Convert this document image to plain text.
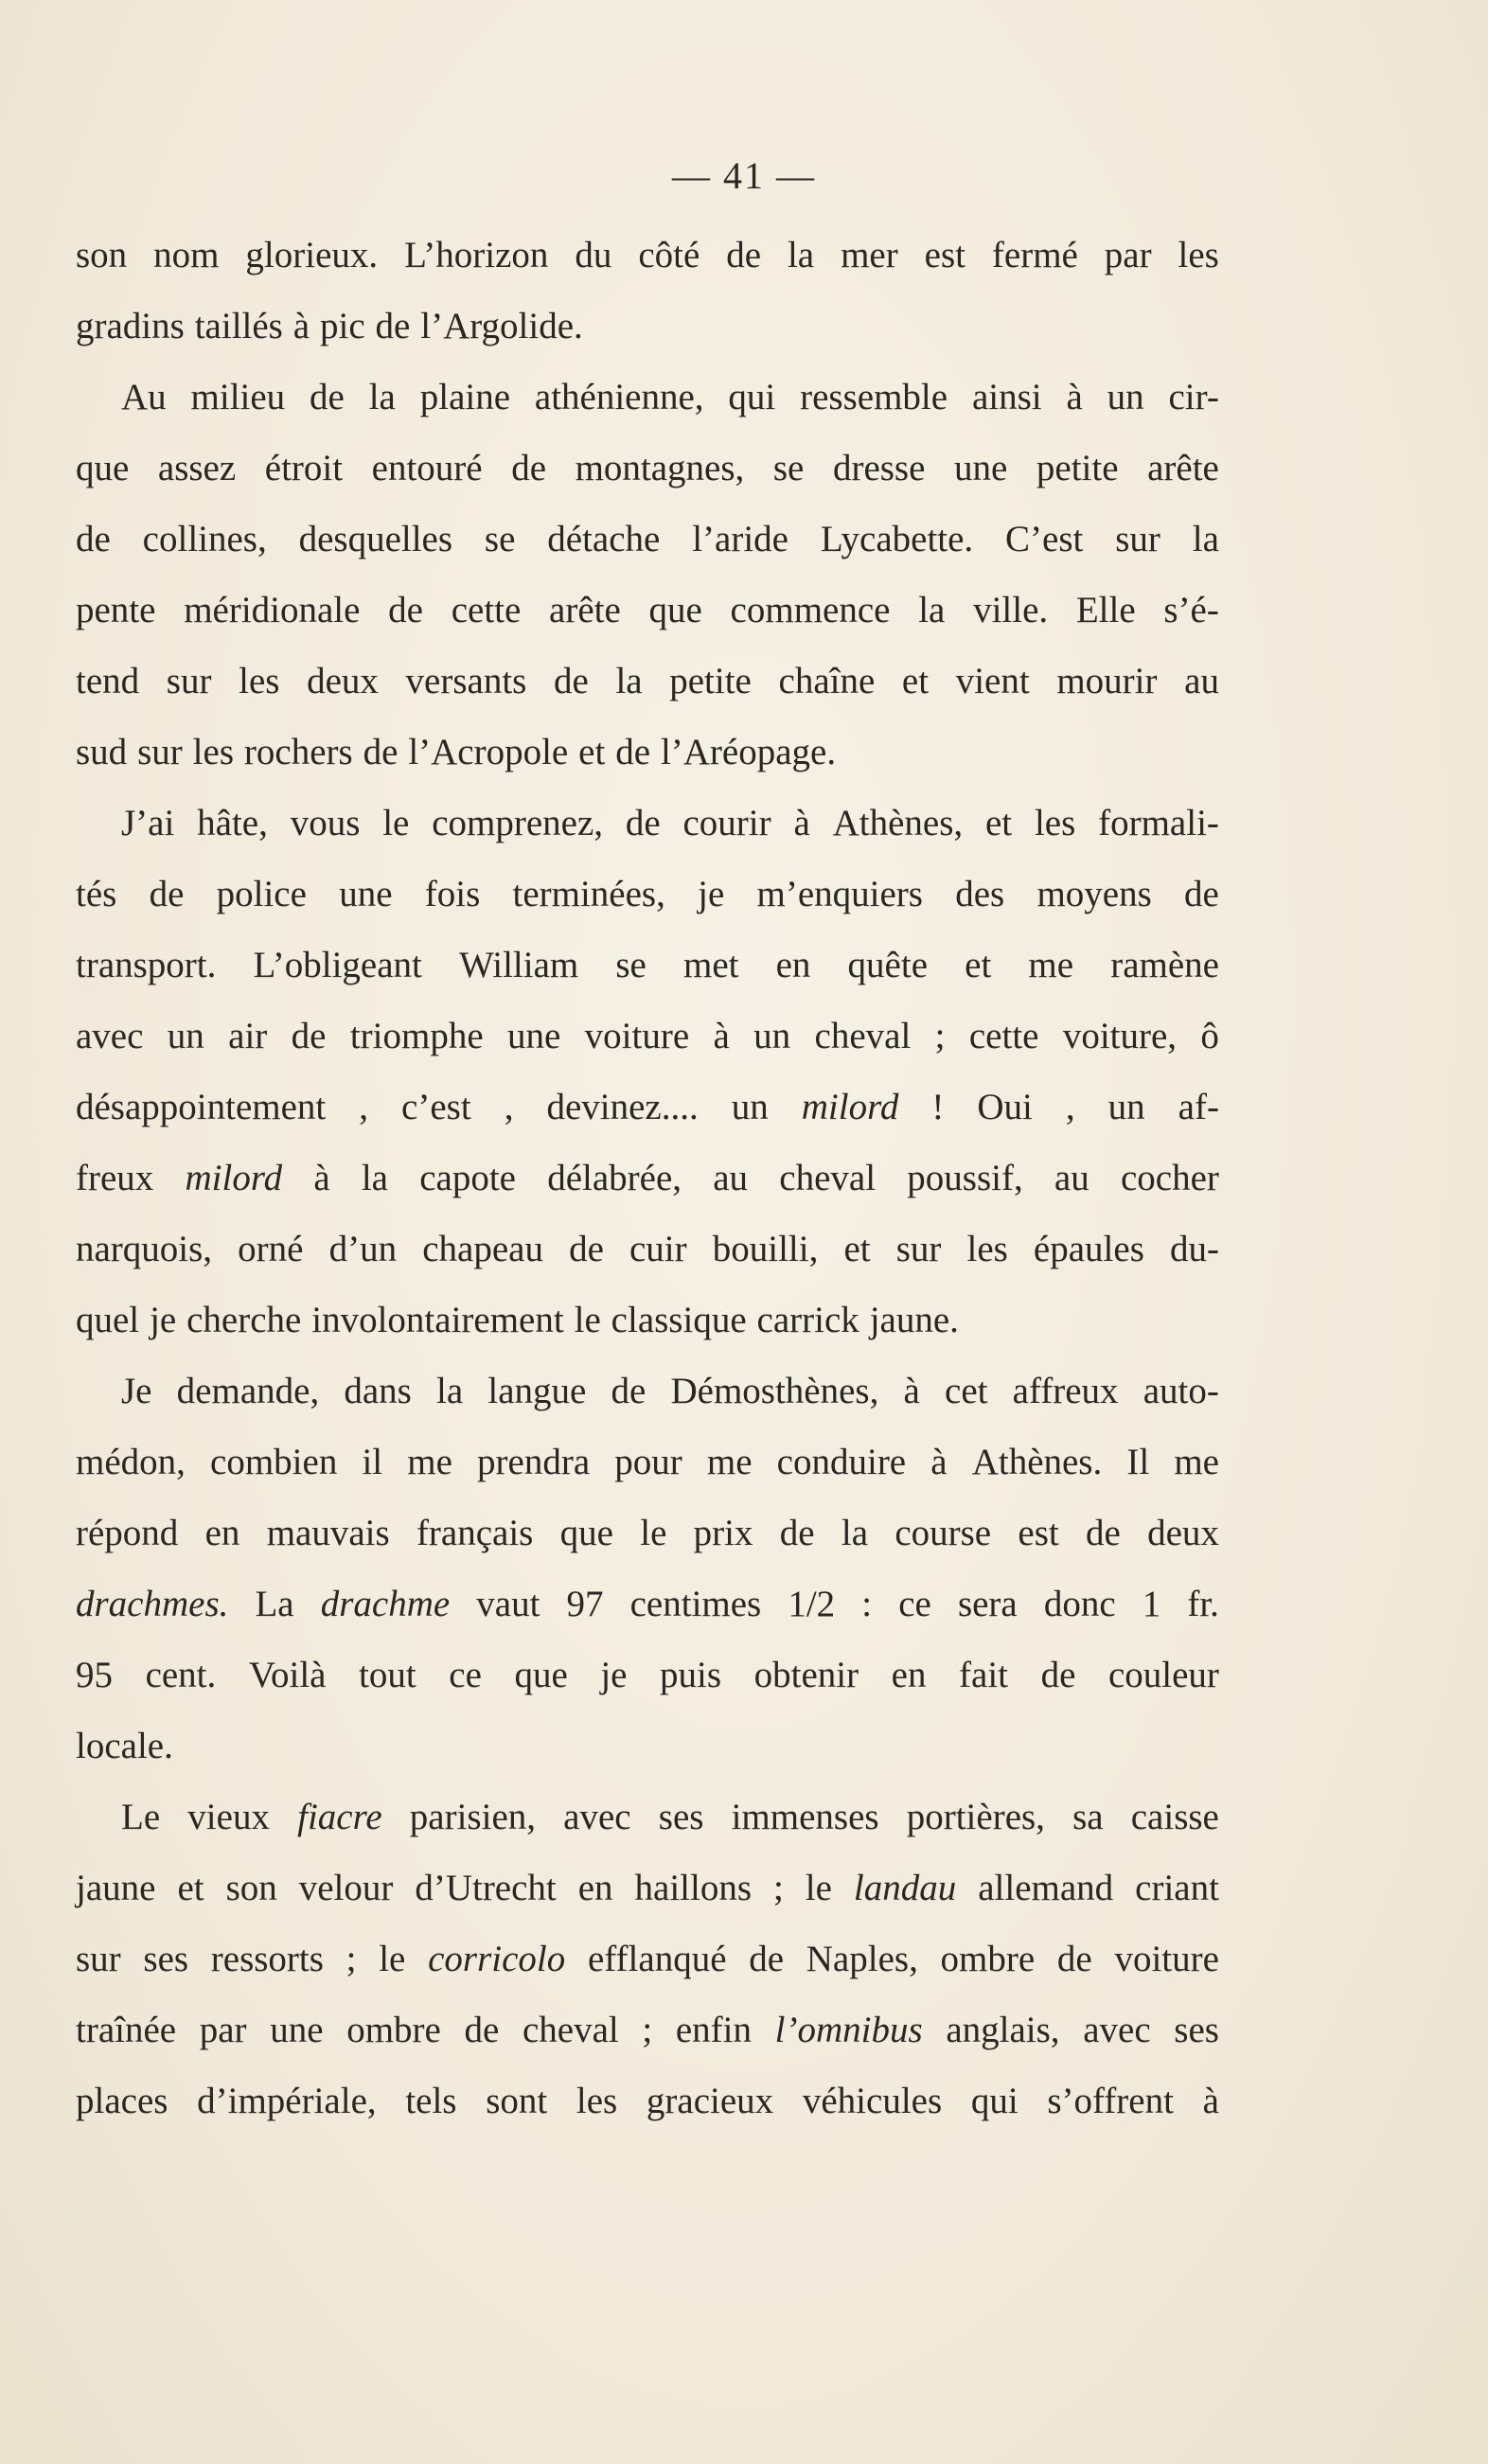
— 41 —
son nom glorieux. L’horizon du côté de la mer est fermé par les
gradins taillés à pic de l’Argolide.
Au milieu de la plaine athénienne, qui ressemble ainsi à un cir-
que assez étroit entouré de montagnes, se dresse une petite arête
de collines, desquelles se détache l’aride Lycabette. C’est sur la
pente méridionale de cette arête que commence la ville. Elle s’é-
tend sur les deux versants de la petite chaîne et vient mourir au
sud sur les rochers de l’Acropole et de l’Aréopage.
J’ai hâte, vous le comprenez, de courir à Athènes, et les formali-
tés de police une fois terminées, je m’enquiers des moyens de
transport. L’obligeant William se met en quête et me ramène
avec un air de triomphe une voiture à un cheval ; cette voiture, ô
désappointement , c’est , devinez.... un milord ! Oui , un af-
freux milord à la capote délabrée, au cheval poussif, au cocher
narquois, orné d’un chapeau de cuir bouilli, et sur les épaules du-
quel je cherche involontairement le classique carrick jaune.
Je demande, dans la langue de Démosthènes, à cet affreux auto-
médon, combien il me prendra pour me conduire à Athènes. Il me
répond en mauvais français que le prix de la course est de deux
drachmes. La drachme vaut 97 centimes 1/2 : ce sera donc 1 fr.
95 cent. Voilà tout ce que je puis obtenir en fait de couleur
locale.
Le vieux fiacre parisien, avec ses immenses portières, sa caisse
jaune et son velour d’Utrecht en haillons ; le landau allemand criant
sur ses ressorts ; le corricolo efflanqué de Naples, ombre de voiture
traînée par une ombre de cheval ; enfin l’omnibus anglais, avec ses
places d’impériale, tels sont les gracieux véhicules qui s’offrent à
